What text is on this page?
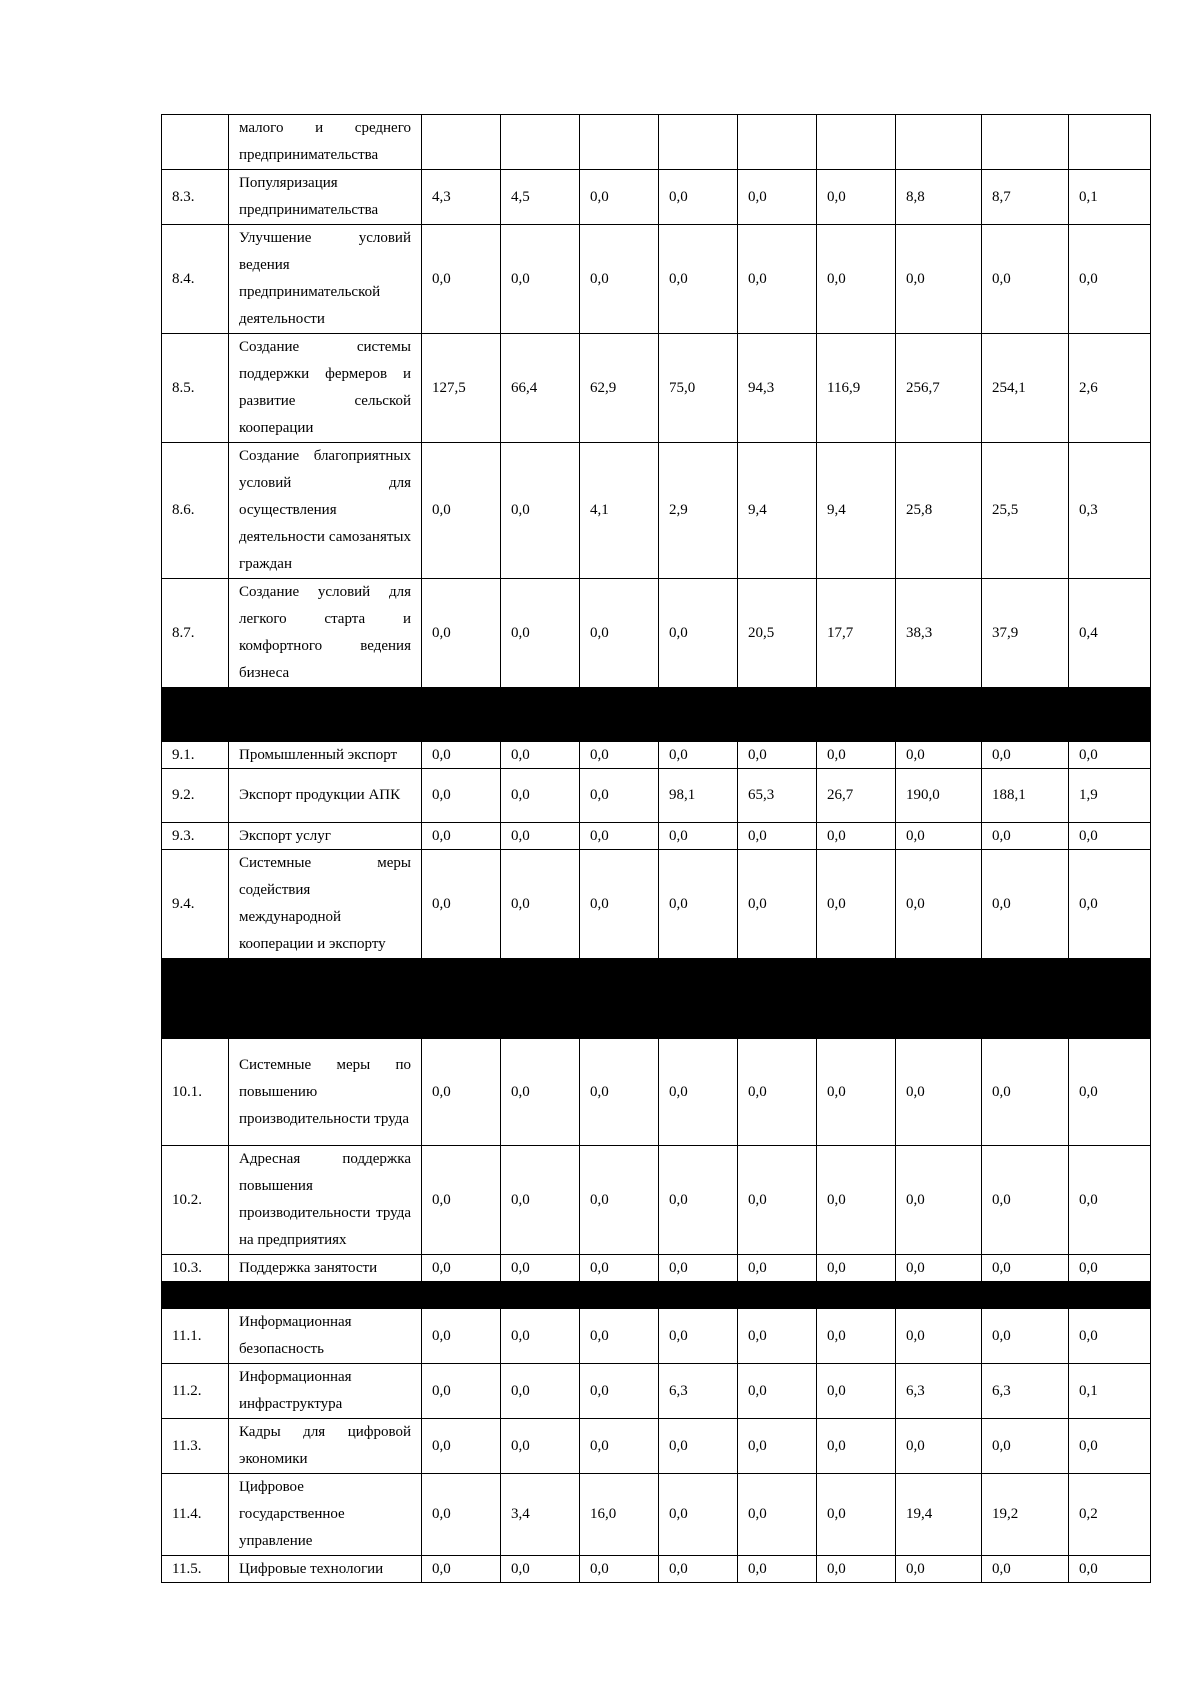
	малого и среднего предпринимательства									
8.3.	Популяризация предпринимательства	4,3	4,5	0,0	0,0	0,0	0,0	8,8	8,7	0,1
8.4.	Улучшение условий ведения предпринимательской деятельности	0,0	0,0	0,0	0,0	0,0	0,0	0,0	0,0	0,0
8.5.	Создание системы поддержки фермеров и развитие сельской кооперации	127,5	66,4	62,9	75,0	94,3	116,9	256,7	254,1	2,6
8.6.	Создание благоприятных условий для осуществления деятельности самозанятых граждан	0,0	0,0	4,1	2,9	9,4	9,4	25,8	25,5	0,3
8.7.	Создание условий для легкого старта и комфортного ведения бизнеса	0,0	0,0	0,0	0,0	20,5	17,7	38,3	37,9	0,4

9.1.	Промышленный экспорт	0,0	0,0	0,0	0,0	0,0	0,0	0,0	0,0	0,0
9.2.	Экспорт продукции АПК	0,0	0,0	0,0	98,1	65,3	26,7	190,0	188,1	1,9
9.3.	Экспорт услуг	0,0	0,0	0,0	0,0	0,0	0,0	0,0	0,0	0,0
9.4.	Системные меры содействия международной кооперации и экспорту	0,0	0,0	0,0	0,0	0,0	0,0	0,0	0,0	0,0

10.1.	Системные меры по повышению производительности труда	0,0	0,0	0,0	0,0	0,0	0,0	0,0	0,0	0,0
10.2.	Адресная поддержка повышения производительности труда на предприятиях	0,0	0,0	0,0	0,0	0,0	0,0	0,0	0,0	0,0
10.3.	Поддержка занятости	0,0	0,0	0,0	0,0	0,0	0,0	0,0	0,0	0,0

11.1.	Информационная безопасность	0,0	0,0	0,0	0,0	0,0	0,0	0,0	0,0	0,0
11.2.	Информационная инфраструктура	0,0	0,0	0,0	6,3	0,0	0,0	6,3	6,3	0,1
11.3.	Кадры для цифровой экономики	0,0	0,0	0,0	0,0	0,0	0,0	0,0	0,0	0,0
11.4.	Цифровое государственное управление	0,0	3,4	16,0	0,0	0,0	0,0	19,4	19,2	0,2
11.5.	Цифровые технологии	0,0	0,0	0,0	0,0	0,0	0,0	0,0	0,0	0,0
